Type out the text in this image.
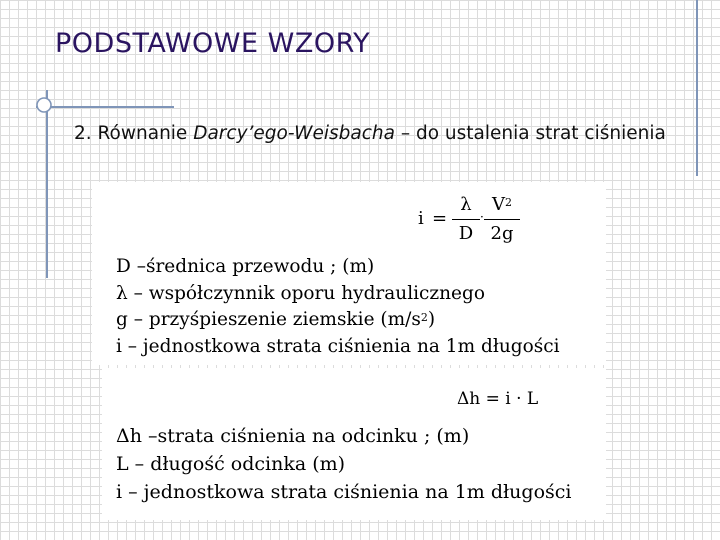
PODSTAWOWE WZORY
2. Równanie Darcy’ego-Weisbacha – do ustalenia strat ciśnienia
i =
λ
D
·
$V^2$
2g
D –średnica przewodu ; (m)
λ – współczynnik oporu hydraulicznego
g – przyśpieszenie ziemskie $(m/s^2)$
i – jednostkowa strata ciśnienia na 1m długości
Δh = i · L
Δh –strata ciśnienia na odcinku ; (m)
L – długość odcinka (m)
i – jednostkowa strata ciśnienia na 1m długości
